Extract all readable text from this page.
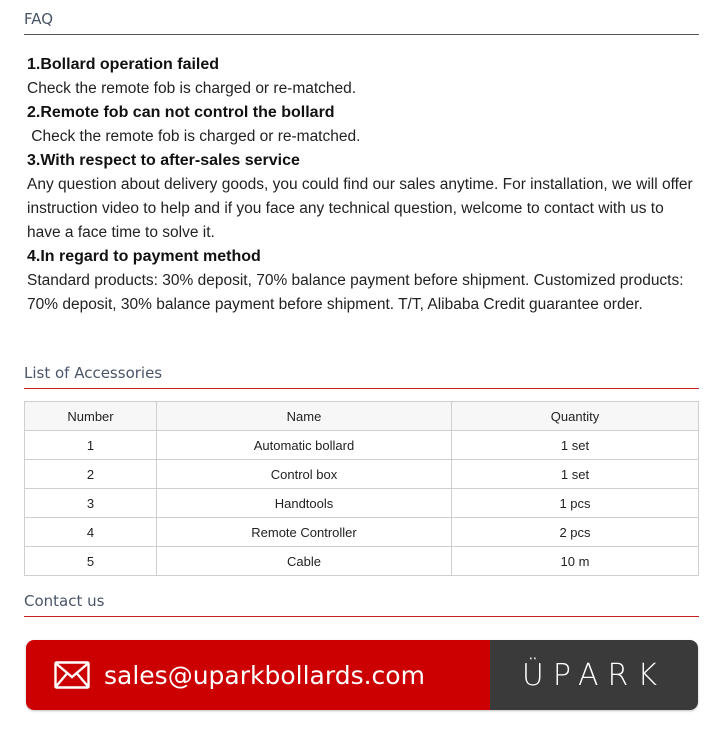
FAQ
1.Bollard operation failed
Check the remote fob is charged or re-matched.
2.Remote fob can not control the bollard
Check the remote fob is charged or re-matched.
3.With respect to after-sales service
Any question about delivery goods, you could find our sales anytime. For installation, we will offer instruction video to help and if you face any technical question, welcome to contact with us to have a face time to solve it.
4.In regard to payment method
Standard products: 30% deposit, 70% balance payment before shipment. Customized products: 70% deposit, 30% balance payment before shipment. T/T, Alibaba Credit guarantee order.
List of Accessories
Number	Name	Quantity
1	Automatic bollard	1 set
2	Control box	1 set
3	Handtools	1 pcs
4	Remote Controller	2 pcs
5	Cable	10 m
Contact us
sales@uparkbollards.com	ÜPARK
